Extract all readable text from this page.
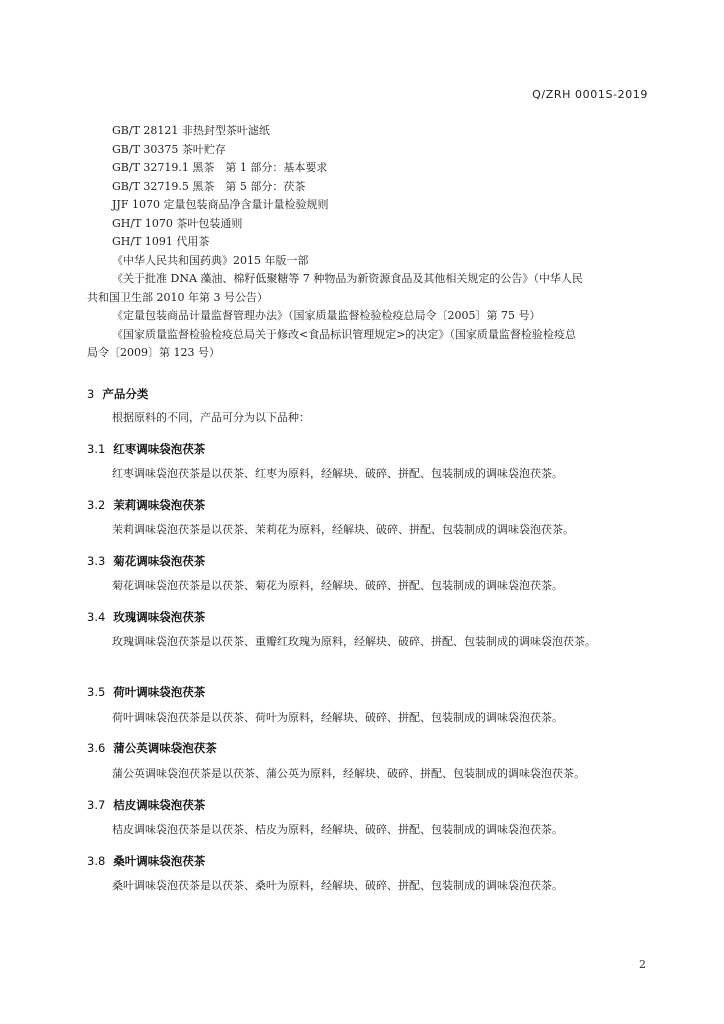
Q/ZRH 0001S-2019

GB/T 28121 非热封型茶叶滤纸

GB/T 30375 茶叶贮存

GB/T 32719.1 黑茶　第 1 部分：基本要求

GB/T 32719.5 黑茶　第 5 部分：茯茶

JJF 1070 定量包装商品净含量计量检验规则

GH/T 1070 茶叶包装通则

GH/T 1091 代用茶

《中华人民共和国药典》2015 年版一部

《关于批准 DNA 藻油、棉籽低聚糖等 7 种物品为新资源食品及其他相关规定的公告》（中华人民
共和国卫生部 2010 年第 3 号公告）

《定量包装商品计量监督管理办法》（国家质量监督检验检疫总局令〔2005〕第 75 号）

《国家质量监督检验检疫总局关于修改<食品标识管理规定>的决定》（国家质量监督检验检疫总
局令〔2009〕第 123 号）

3 产品分类

根据原料的不同，产品可分为以下品种：

3.1 红枣调味袋泡茯茶

红枣调味袋泡茯茶是以茯茶、红枣为原料，经解块、破碎、拼配、包装制成的调味袋泡茯茶。

3.2 茉莉调味袋泡茯茶

茉莉调味袋泡茯茶是以茯茶、茉莉花为原料，经解块、破碎、拼配、包装制成的调味袋泡茯茶。

3.3 菊花调味袋泡茯茶

菊花调味袋泡茯茶是以茯茶、菊花为原料，经解块、破碎、拼配、包装制成的调味袋泡茯茶。

3.4 玫瑰调味袋泡茯茶

玫瑰调味袋泡茯茶是以茯茶、重瓣红玫瑰为原料，经解块、破碎、拼配、包装制成的调味袋泡茯茶。

3.5 荷叶调味袋泡茯茶

荷叶调味袋泡茯茶是以茯茶、荷叶为原料，经解块、破碎、拼配、包装制成的调味袋泡茯茶。

3.6 蒲公英调味袋泡茯茶

蒲公英调味袋泡茯茶是以茯茶、蒲公英为原料，经解块、破碎、拼配、包装制成的调味袋泡茯茶。

3.7 桔皮调味袋泡茯茶

桔皮调味袋泡茯茶是以茯茶、桔皮为原料，经解块、破碎、拼配、包装制成的调味袋泡茯茶。

3.8 桑叶调味袋泡茯茶

桑叶调味袋泡茯茶是以茯茶、桑叶为原料，经解块、破碎、拼配、包装制成的调味袋泡茯茶。

2
